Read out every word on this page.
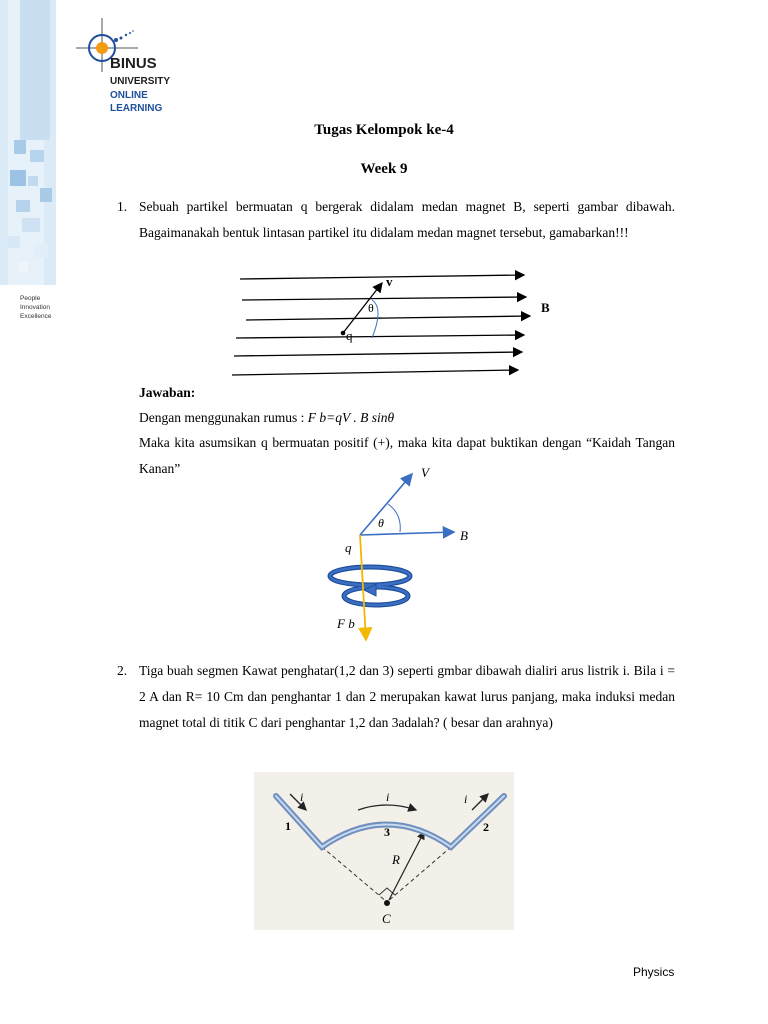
BINUS
UNIVERSITY
ONLINE
LEARNING
People
Innovation
Excellence
Tugas Kelompok ke-4
Week 9
1. Sebuah partikel bermuatan q bergerak didalam medan magnet B, seperti gambar dibawah. Bagaimanakah bentuk lintasan partikel itu didalam medan magnet tersebut, gamabarkan!!!
v
θ
q
B
Jawaban:
Dengan menggunakan rumus : F b=qV . B sinθ
Maka kita asumsikan q bermuatan positif (+), maka kita dapat buktikan dengan “Kaidah Tangan Kanan”	V
θ
B
q
F b
2. Tiga buah segmen Kawat penghatar(1,2 dan 3) seperti gmbar dibawah dialiri arus listrik i. Bila i = 2 A dan R= 10 Cm dan penghantar 1 dan 2 merupakan kawat lurus panjang, maka induksi medan magnet total di titik C dari penghantar 1,2 dan 3adalah? ( besar dan arahnya)
i
1
i
3
i
2
R
C
Physics
